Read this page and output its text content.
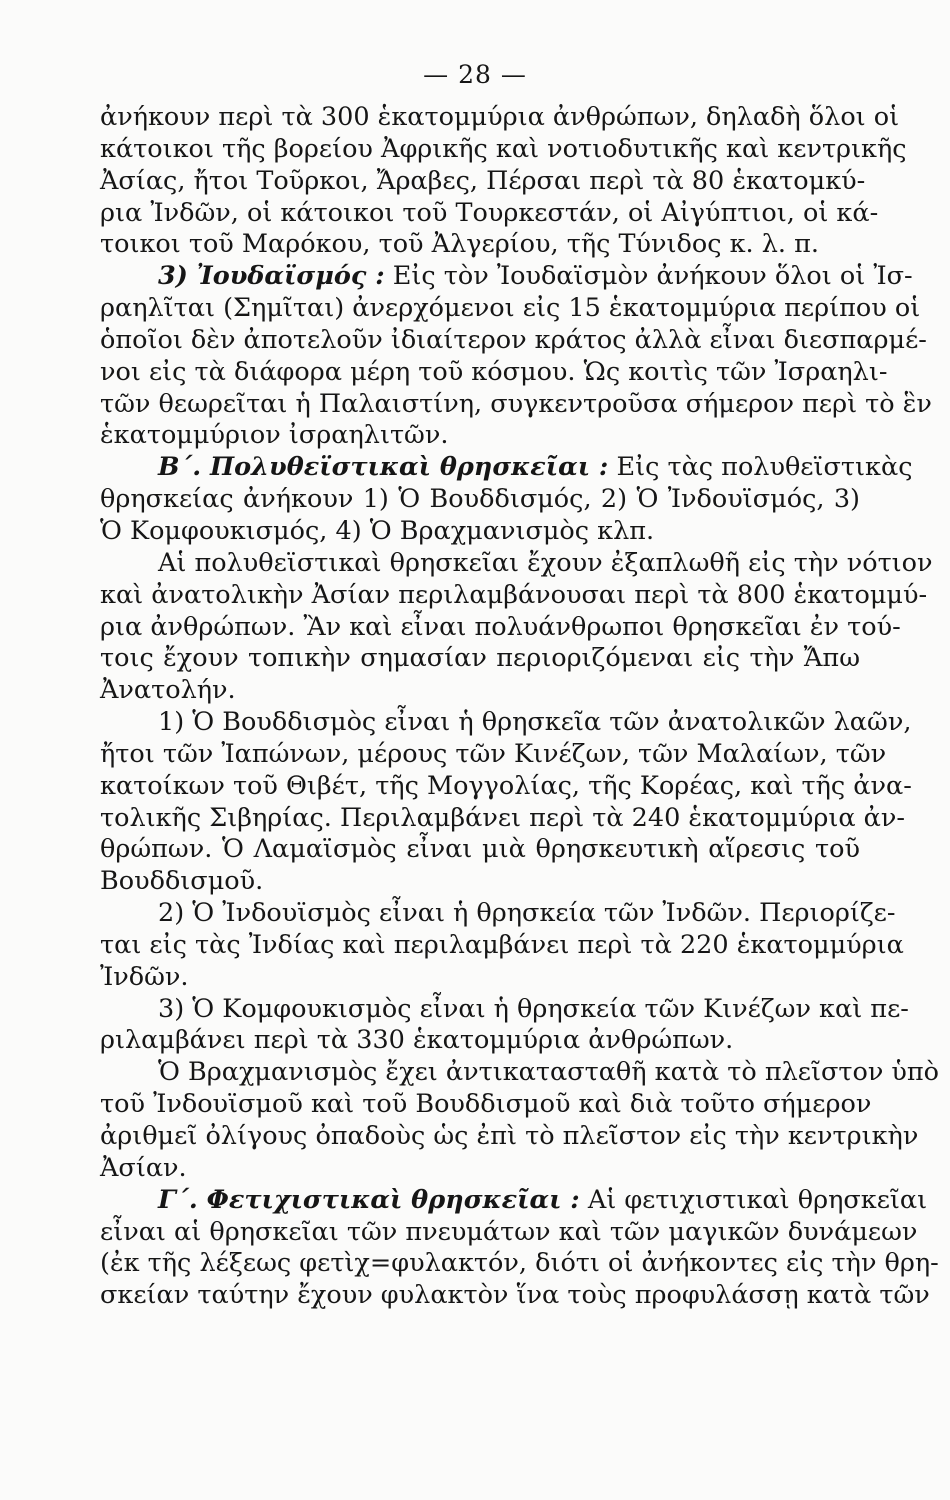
— 28 —
ἀνήκουν περὶ τὰ 300 ἑκατομμύρια ἀνθρώπων, δηλαδὴ ὅλοι οἱ
κάτοικοι τῆς βορείου Ἀφρικῆς καὶ νοτιοδυτικῆς καὶ κεντρικῆς
Ἀσίας, ἤτοι Τοῦρκοι, Ἄραβες, Πέρσαι περὶ τὰ 80 ἑκατομκύ-
ρια Ἰνδῶν, οἱ κάτοικοι τοῦ Τουρκεστάν, οἱ Αἰγύπτιοι, οἱ κά-
τοικοι τοῦ Μαρόκου, τοῦ Ἀλγερίου, τῆς Τύνιδος κ. λ. π.
3) Ἰουδαϊσμός : Εἰς τὸν Ἰουδαϊσμὸν ἀνήκουν ὅλοι οἱ Ἰσ-
ραηλῖται (Σημῖται) ἀνερχόμενοι εἰς 15 ἑκατομμύρια περίπου οἱ
ὁποῖοι δὲν ἀποτελοῦν ἰδιαίτερον κράτος ἀλλὰ εἶναι διεσπαρμέ-
νοι εἰς τὰ διάφορα μέρη τοῦ κόσμου. Ὡς κοιτὶς τῶν Ἰσραηλι-
τῶν θεωρεῖται ἡ Παλαιστίνη, συγκεντροῦσα σήμερον περὶ τὸ ἓν
ἑκατομμύριον ἰσραηλιτῶν.
Β΄. Πολυθεϊστικαὶ θρησκεῖαι : Εἰς τὰς πολυθεϊστικὰς
θρησκείας ἀνήκουν 1) Ὁ Βουδδισμός, 2) Ὁ Ἰνδουϊσμός, 3)
Ὁ Κομφουκισμός, 4) Ὁ Βραχμανισμὸς κλπ.
Αἱ πολυθεϊστικαὶ θρησκεῖαι ἔχουν ἐξαπλωθῆ εἰς τὴν νότιον
καὶ ἀνατολικὴν Ἀσίαν περιλαμβάνουσαι περὶ τὰ 800 ἑκατομμύ-
ρια ἀνθρώπων. Ἂν καὶ εἶναι πολυάνθρωποι θρησκεῖαι ἐν τού-
τοις ἔχουν τοπικὴν σημασίαν περιοριζόμεναι εἰς τὴν Ἄπω
Ἀνατολήν.
1) Ὁ Βουδδισμὸς εἶναι ἡ θρησκεῖα τῶν ἀνατολικῶν λαῶν,
ἤτοι τῶν Ἰαπώνων, μέρους τῶν Κινέζων, τῶν Μαλαίων, τῶν
κατοίκων τοῦ Θιβέτ, τῆς Μογγολίας, τῆς Κορέας, καὶ τῆς ἀνα-
τολικῆς Σιβηρίας. Περιλαμβάνει περὶ τὰ 240 ἑκατομμύρια ἀν-
θρώπων. Ὁ Λαμαϊσμὸς εἶναι μιὰ θρησκευτικὴ αἵρεσις τοῦ
Βουδδισμοῦ.
2) Ὁ Ἰνδουϊσμὸς εἶναι ἡ θρησκεία τῶν Ἰνδῶν. Περιορίζε-
ται εἰς τὰς Ἰνδίας καὶ περιλαμβάνει περὶ τὰ 220 ἑκατομμύρια
Ἰνδῶν.
3) Ὁ Κομφουκισμὸς εἶναι ἡ θρησκεία τῶν Κινέζων καὶ πε-
ριλαμβάνει περὶ τὰ 330 ἑκατομμύρια ἀνθρώπων.
Ὁ Βραχμανισμὸς ἔχει ἀντικατασταθῆ κατὰ τὸ πλεῖστον ὑπὸ
τοῦ Ἰνδουϊσμοῦ καὶ τοῦ Βουδδισμοῦ καὶ διὰ τοῦτο σήμερον
ἀριθμεῖ ὀλίγους ὀπαδοὺς ὡς ἐπὶ τὸ πλεῖστον εἰς τὴν κεντρικὴν
Ἀσίαν.
Γ΄. Φετιχιστικαὶ θρησκεῖαι : Αἱ φετιχιστικαὶ θρησκεῖαι
εἶναι αἱ θρησκεῖαι τῶν πνευμάτων καὶ τῶν μαγικῶν δυνάμεων
(ἐκ τῆς λέξεως φετὶχ=φυλακτόν, διότι οἱ ἀνήκοντες εἰς τὴν θρη-
σκείαν ταύτην ἔχουν φυλακτὸν ἵνα τοὺς προφυλάσσῃ κατὰ τῶν
